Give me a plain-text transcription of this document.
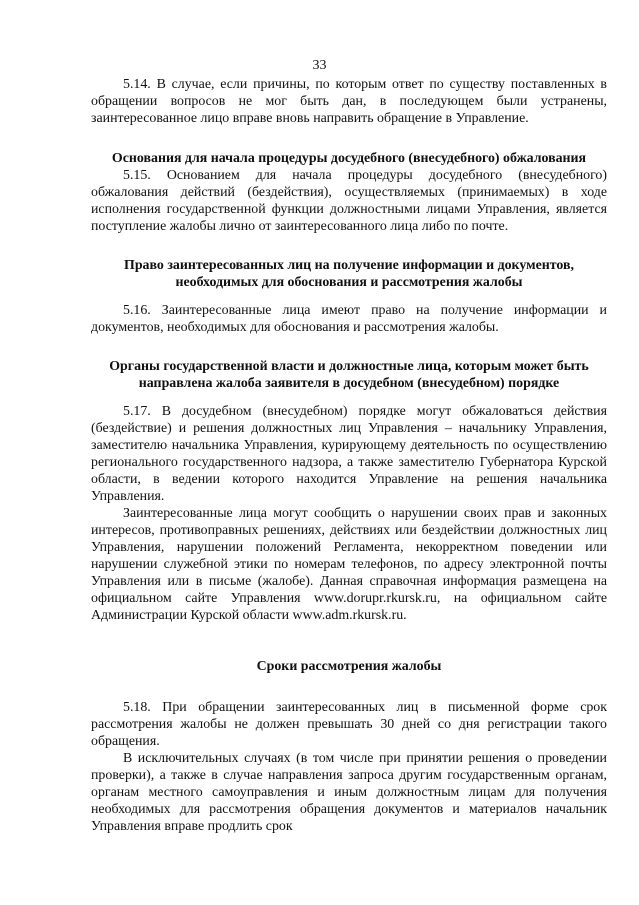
33

5.14. В случае, если причины, по которым ответ по существу поставленных в обращении вопросов не мог быть дан, в последующем были устранены, заинтересованное лицо вправе вновь направить обращение в Управление.

Основания для начала процедуры досудебного (внесудебного) обжалования

5.15. Основанием для начала процедуры досудебного (внесудебного) обжалования действий (бездействия), осуществляемых (принимаемых) в ходе исполнения государственной функции должностными лицами Управления, является поступление жалобы лично от заинтересованного лица либо по почте.

Право заинтересованных лиц на получение информации и документов, необходимых для обоснования и рассмотрения жалобы

5.16. Заинтересованные лица имеют право на получение информации и документов, необходимых для обоснования и рассмотрения жалобы.

Органы государственной власти и должностные лица, которым может быть направлена жалоба заявителя в досудебном (внесудебном) порядке

5.17. В досудебном (внесудебном) порядке могут обжаловаться действия (бездействие) и решения должностных лиц Управления – начальнику Управления, заместителю начальника Управления, курирующему деятельность по осуществлению регионального государственного надзора, а также заместителю Губернатора Курской области, в ведении которого находится Управление на решения начальника Управления.

Заинтересованные лица могут сообщить о нарушении своих прав и законных интересов, противоправных решениях, действиях или бездействии должностных лиц Управления, нарушении положений Регламента, некорректном поведении или нарушении служебной этики по номерам телефонов, по адресу электронной почты Управления или в письме (жалобе). Данная справочная информация размещена на официальном сайте Управления www.dorupr.rkursk.ru, на официальном сайте Администрации Курской области www.adm.rkursk.ru.

Сроки рассмотрения жалобы

5.18. При обращении заинтересованных лиц в письменной форме срок рассмотрения жалобы не должен превышать 30 дней со дня регистрации такого обращения.

В исключительных случаях (в том числе при принятии решения о проведении проверки), а также в случае направления запроса другим государственным органам, органам местного самоуправления и иным должностным лицам для получения необходимых для рассмотрения обращения документов и материалов начальник Управления вправе продлить срок
